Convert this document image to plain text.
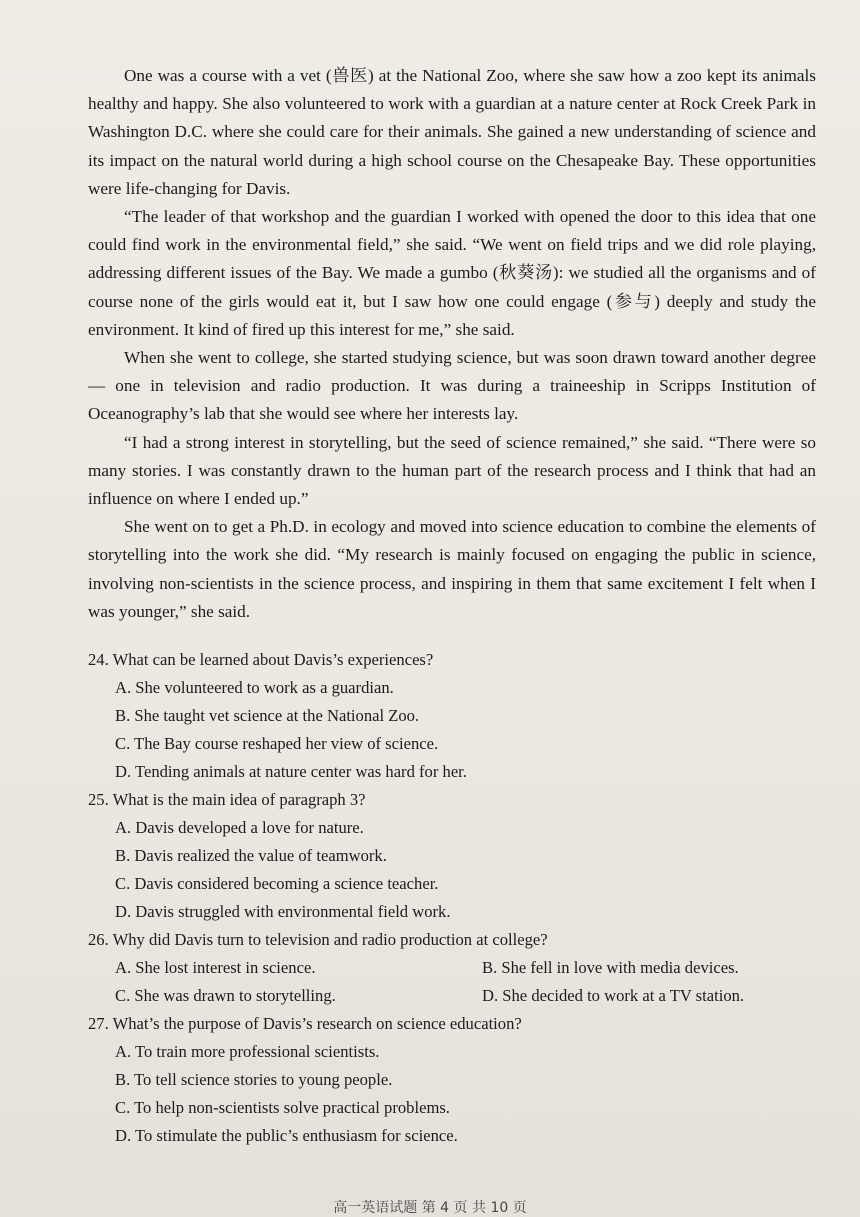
One was a course with a vet (兽医) at the National Zoo, where she saw how a zoo kept its animals healthy and happy. She also volunteered to work with a guardian at a nature center at Rock Creek Park in Washington D.C. where she could care for their animals. She gained a new understanding of science and its impact on the natural world during a high school course on the Chesapeake Bay. These opportunities were life-changing for Davis.

“The leader of that workshop and the guardian I worked with opened the door to this idea that one could find work in the environmental field,” she said. “We went on field trips and we did role playing, addressing different issues of the Bay. We made a gumbo (秋葵汤): we studied all the organisms and of course none of the girls would eat it, but I saw how one could engage (参与) deeply and study the environment. It kind of fired up this interest for me,” she said.

When she went to college, she started studying science, but was soon drawn toward another degree — one in television and radio production. It was during a traineeship in Scripps Institution of Oceanography’s lab that she would see where her interests lay.

“I had a strong interest in storytelling, but the seed of science remained,” she said. “There were so many stories. I was constantly drawn to the human part of the research process and I think that had an influence on where I ended up.”

She went on to get a Ph.D. in ecology and moved into science education to combine the elements of storytelling into the work she did. “My research is mainly focused on engaging the public in science, involving non-scientists in the science process, and inspiring in them that same excitement I felt when I was younger,” she said.

24. What can be learned about Davis’s experiences?

A. She volunteered to work as a guardian.

B. She taught vet science at the National Zoo.

C. The Bay course reshaped her view of science.

D. Tending animals at nature center was hard for her.

25. What is the main idea of paragraph 3?

A. Davis developed a love for nature.

B. Davis realized the value of teamwork.

C. Davis considered becoming a science teacher.

D. Davis struggled with environmental field work.

26. Why did Davis turn to television and radio production at college?

A. She lost interest in science.	B. She fell in love with media devices.

C. She was drawn to storytelling.	D. She decided to work at a TV station.

27. What’s the purpose of Davis’s research on science education?

A. To train more professional scientists.

B. To tell science stories to young people.

C. To help non-scientists solve practical problems.

D. To stimulate the public’s enthusiasm for science.

高一英语试题 第 4 页 共 10 页
